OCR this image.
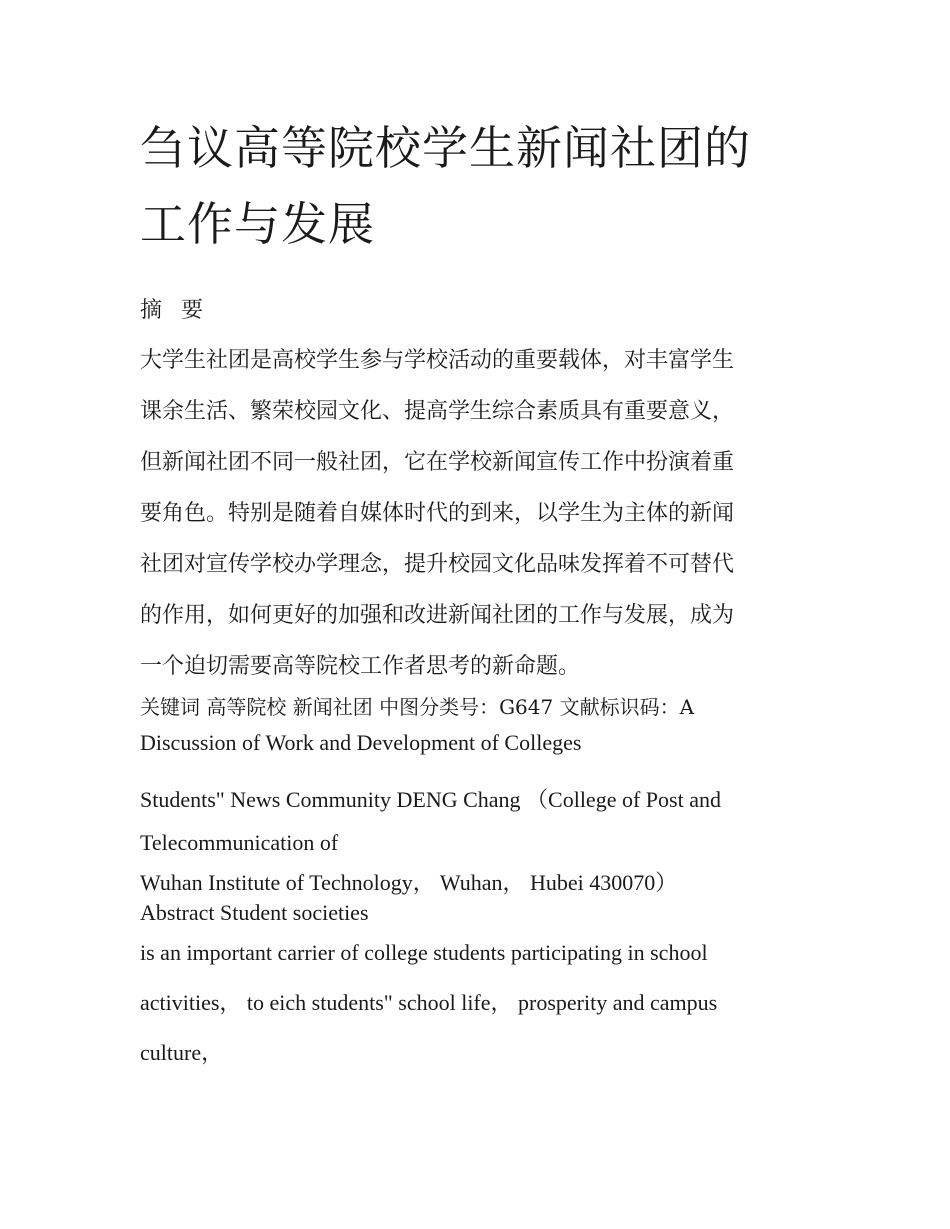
刍议高等院校学生新闻社团的
工作与发展
摘 要
大学生社团是高校学生参与学校活动的重要载体，对丰富学生
课余生活、繁荣校园文化、提高学生综合素质具有重要意义，
但新闻社团不同一般社团，它在学校新闻宣传工作中扮演着重
要角色。特别是随着自媒体时代的到来，以学生为主体的新闻
社团对宣传学校办学理念，提升校园文化品味发挥着不可替代
的作用，如何更好的加强和改进新闻社团的工作与发展，成为
一个迫切需要高等院校工作者思考的新命题。
关键词 高等院校 新闻社团 中图分类号：G647 文献标识码：A
Discussion of Work and Development of Colleges
Students" News Community DENG Chang （College of Post and
Telecommunication of
Wuhan Institute of Technology， Wuhan， Hubei 430070）
Abstract Student societies
is an important carrier of college students participating in school
activities， to eich students" school life， prosperity and campus
culture，
